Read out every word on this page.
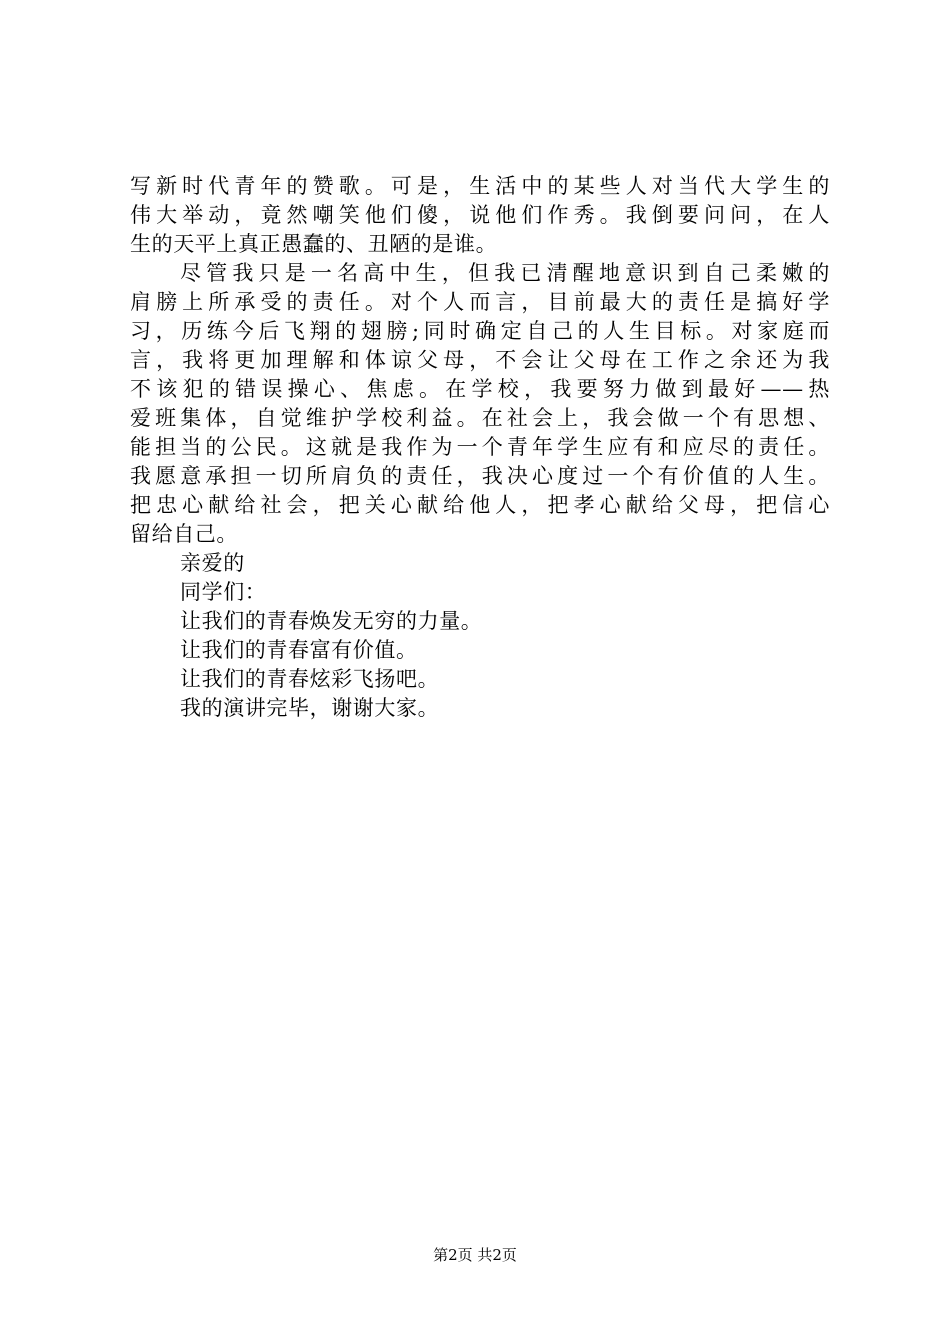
写新时代青年的赞歌。可是，生活中的某些人对当代大学生的
伟大举动，竟然嘲笑他们傻，说他们作秀。我倒要问问，在人
生的天平上真正愚蠢的、丑陋的是谁。
尽管我只是一名高中生，但我已清醒地意识到自己柔嫩的
肩膀上所承受的责任。对个人而言，目前最大的责任是搞好学
习，历练今后飞翔的翅膀;同时确定自己的人生目标。对家庭而
言，我将更加理解和体谅父母，不会让父母在工作之余还为我
不该犯的错误操心、焦虑。在学校，我要努力做到最好——热
爱班集体，自觉维护学校利益。在社会上，我会做一个有思想、
能担当的公民。这就是我作为一个青年学生应有和应尽的责任。
我愿意承担一切所肩负的责任，我决心度过一个有价值的人生。
把忠心献给社会，把关心献给他人，把孝心献给父母，把信心
留给自己。
亲爱的
同学们：
让我们的青春焕发无穷的力量。
让我们的青春富有价值。
让我们的青春炫彩飞扬吧。
我的演讲完毕，谢谢大家。
第2页 共2页
